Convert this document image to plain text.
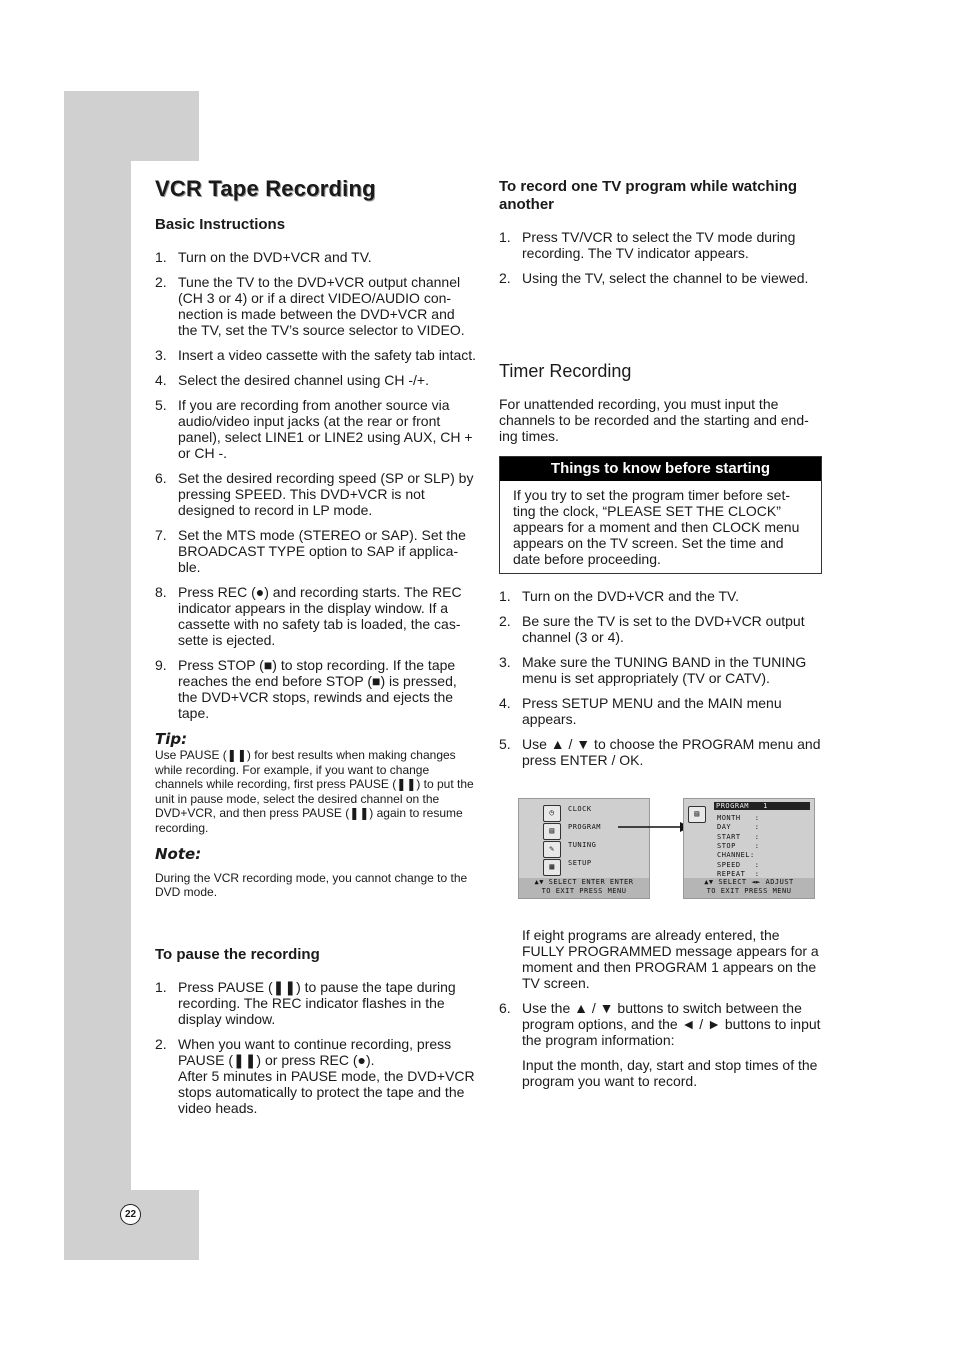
22
VCR Tape Recording
Basic Instructions
1. Turn on the DVD+VCR and TV.
2. Tune the TV to the DVD+VCR output channel (CH 3 or 4) or if a direct VIDEO/AUDIO con-nection is made between the DVD+VCR and the TV, set the TV’s source selector to VIDEO.
3. Insert a video cassette with the safety tab intact.
4. Select the desired channel using CH -/+.
5. If you are recording from another source via audio/video input jacks (at the rear or front panel), select LINE1 or LINE2 using AUX, CH + or CH -.
6. Set the desired recording speed (SP or SLP) by pressing SPEED. This DVD+VCR is not designed to record in LP mode.
7. Set the MTS mode (STEREO or SAP). Set the BROADCAST TYPE option to SAP if applica-ble.
8. Press REC (●) and recording starts. The REC indicator appears in the display window. If a cassette with no safety tab is loaded, the cas-sette is ejected.
9. Press STOP (■) to stop recording. If the tape reaches the end before STOP (■) is pressed, the DVD+VCR stops, rewinds and ejects the tape.

Tip:

Use PAUSE (❚❚) for best results when making changes while recording. For example, if you want to change channels while recording, first press PAUSE (❚❚) to put the unit in pause mode, select the desired channel on the DVD+VCR, and then press PAUSE (❚❚) again to resume recording.

Note:

During the VCR recording mode, you cannot change to the DVD mode.

To pause the recording
1. Press PAUSE (❚❚) to pause the tape during recording. The REC indicator flashes in the display window.
2. When you want to continue recording, press PAUSE (❚❚) or press REC (●).
After 5 minutes in PAUSE mode, the DVD+VCR stops automatically to protect the tape and the video heads.
To record one TV program while watching another
1. Press TV/VCR to select the TV mode during recording. The TV indicator appears.
2. Using the TV, select the channel to be viewed.
Timer Recording

For unattended recording, you must input the channels to be recorded and the starting and end-ing times.

Things to know before starting
If you try to set the program timer before set-ting the clock, “PLEASE SET THE CLOCK” appears for a moment and then CLOCK menu appears on the TV screen. Set the time and date before proceeding.
1. Turn on the DVD+VCR and the TV.
2. Be sure the TV is set to the DVD+VCR output channel (3 or 4).
3. Make sure the TUNING BAND in the TUNING menu is set appropriately (TV or CATV).
4. Press SETUP MENU and the MAIN menu appears.
5. Use ▲ / ▼ to choose the PROGRAM menu and press ENTER / OK.

If eight programs are already entered, the FULLY PROGRAMMED message appears for a moment and then PROGRAM 1 appears on the TV screen.

6. Use the ▲ / ▼ buttons to switch between the program options, and the ◄ / ► buttons to input the program information:

Input the month, day, start and stop times of the program you want to record.

◷	CLOCK
▤	PROGRAM
✎	TUNING
▦	SETUP
▲▼ SELECT ENTER ENTER
TO EXIT PRESS MENU
▤
PROGRAM   1
MONTH   :
DAY     :
START   :
STOP    :
CHANNEL:
SPEED   :
REPEAT  :
▲▼ SELECT ◄► ADJUST
TO EXIT PRESS MENU
